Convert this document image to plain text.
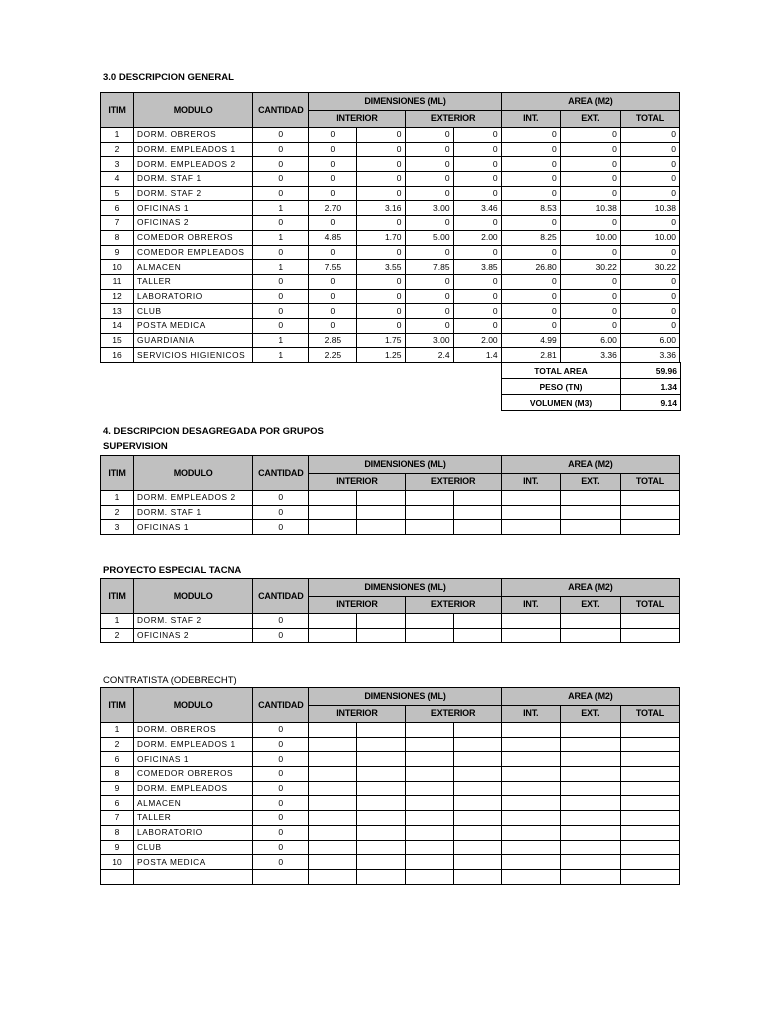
3.0 DESCRIPCION GENERAL
ITIM	MODULO	CANTIDAD	DIMENSIONES (ML)				AREA (M2)		
			INTERIOR		EXTERIOR		INT.	EXT.	TOTAL
1	DORM. OBREROS	0	0	0	0	0	0	0	0
2	DORM. EMPLEADOS 1	0	0	0	0	0	0	0	0
3	DORM. EMPLEADOS 2	0	0	0	0	0	0	0	0
4	DORM. STAF 1	0	0	0	0	0	0	0	0
5	DORM. STAF 2	0	0	0	0	0	0	0	0
6	OFICINAS 1	1	2.70	3.16	3.00	3.46	8.53	10.38	10.38
7	OFICINAS 2	0	0	0	0	0	0	0	0
8	COMEDOR OBREROS	1	4.85	1.70	5.00	2.00	8.25	10.00	10.00
9	COMEDOR EMPLEADOS	0	0	0	0	0	0	0	0
10	ALMACEN	1	7.55	3.55	7.85	3.85	26.80	30.22	30.22
11	TALLER	0	0	0	0	0	0	0	0
12	LABORATORIO	0	0	0	0	0	0	0	0
13	CLUB	0	0	0	0	0	0	0	0
14	POSTA MEDICA	0	0	0	0	0	0	0	0
15	GUARDIANIA	1	2.85	1.75	3.00	2.00	4.99	6.00	6.00
16	SERVICIOS HIGIENICOS	1	2.25	1.25	2.4	1.4	2.81	3.36	3.36
TOTAL AREA	59.96
PESO (TN)	1.34
VOLUMEN (M3)	9.14
4. DESCRIPCION DESAGREGADA POR GRUPOS
SUPERVISION
ITIM	MODULO	CANTIDAD	DIMENSIONES (ML)				AREA (M2)		
			INTERIOR		EXTERIOR		INT.	EXT.	TOTAL
1	DORM. EMPLEADOS 2	0							
2	DORM. STAF 1	0							
3	OFICINAS 1	0							
PROYECTO ESPECIAL TACNA
ITIM	MODULO	CANTIDAD	DIMENSIONES (ML)				AREA (M2)		
			INTERIOR		EXTERIOR		INT.	EXT.	TOTAL
1	DORM. STAF 2	0							
2	OFICINAS 2	0							
CONTRATISTA (ODEBRECHT)
ITIM	MODULO	CANTIDAD	DIMENSIONES (ML)				AREA (M2)		
			INTERIOR		EXTERIOR		INT.	EXT.	TOTAL
1	DORM. OBREROS	0							
2	DORM. EMPLEADOS 1	0							
6	OFICINAS 1	0							
8	COMEDOR OBREROS	0							
9	DORM. EMPLEADOS	0							
6	ALMACEN	0							
7	TALLER	0							
8	LABORATORIO	0							
9	CLUB	0							
10	POSTA MEDICA	0							
